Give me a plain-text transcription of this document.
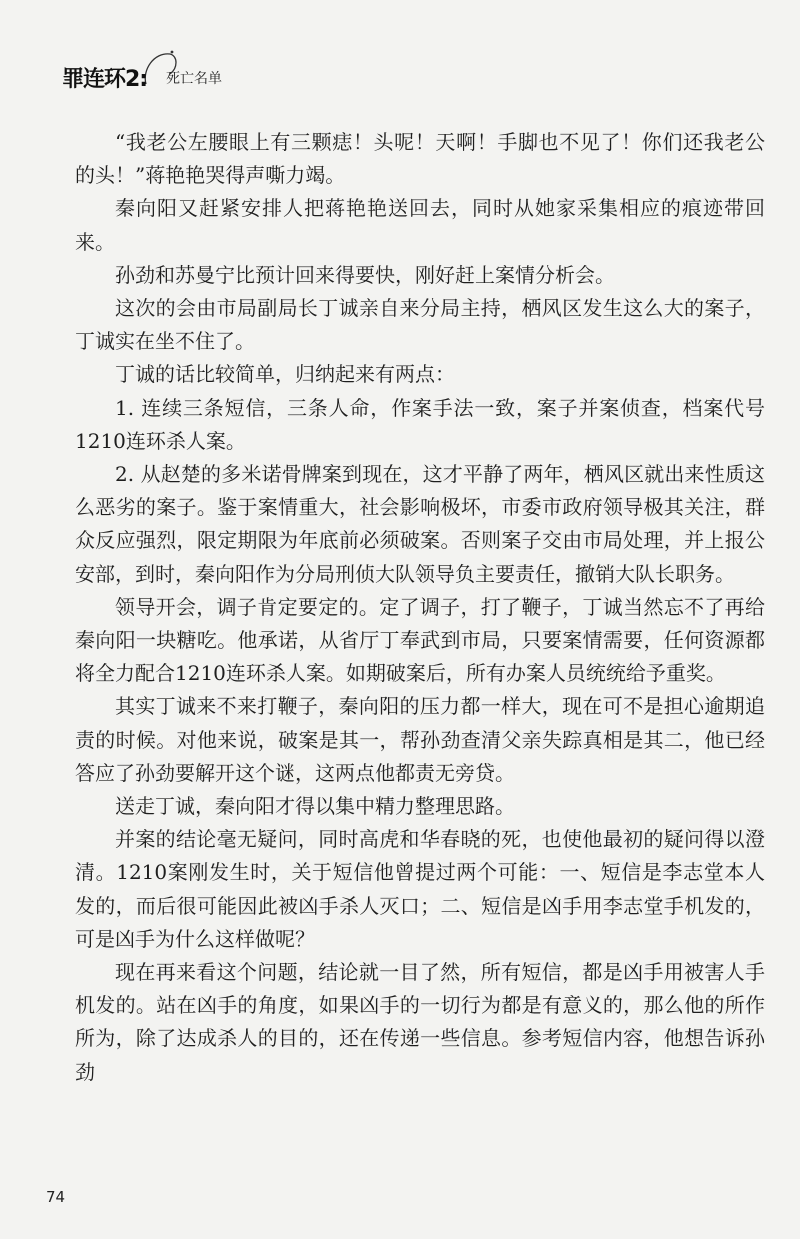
罪连环2: 死亡名单

“我老公左腰眼上有三颗痣！头呢！天啊！手脚也不见了！你们还我老公的头！”蒋艳艳哭得声嘶力竭。

秦向阳又赶紧安排人把蒋艳艳送回去，同时从她家采集相应的痕迹带回来。

孙劲和苏曼宁比预计回来得要快，刚好赶上案情分析会。

这次的会由市局副局长丁诚亲自来分局主持，栖风区发生这么大的案子，丁诚实在坐不住了。

丁诚的话比较简单，归纳起来有两点：

1. 连续三条短信，三条人命，作案手法一致，案子并案侦查，档案代号1210连环杀人案。

2. 从赵楚的多米诺骨牌案到现在，这才平静了两年，栖风区就出来性质这么恶劣的案子。鉴于案情重大，社会影响极坏，市委市政府领导极其关注，群众反应强烈，限定期限为年底前必须破案。否则案子交由市局处理，并上报公安部，到时，秦向阳作为分局刑侦大队领导负主要责任，撤销大队长职务。

领导开会，调子肯定要定的。定了调子，打了鞭子，丁诚当然忘不了再给秦向阳一块糖吃。他承诺，从省厅丁奉武到市局，只要案情需要，任何资源都将全力配合1210连环杀人案。如期破案后，所有办案人员统统给予重奖。

其实丁诚来不来打鞭子，秦向阳的压力都一样大，现在可不是担心逾期追责的时候。对他来说，破案是其一，帮孙劲查清父亲失踪真相是其二，他已经答应了孙劲要解开这个谜，这两点他都责无旁贷。

送走丁诚，秦向阳才得以集中精力整理思路。

并案的结论毫无疑问，同时高虎和华春晓的死，也使他最初的疑问得以澄清。1210案刚发生时，关于短信他曾提过两个可能：一、短信是李志堂本人发的，而后很可能因此被凶手杀人灭口；二、短信是凶手用李志堂手机发的，可是凶手为什么这样做呢？

现在再来看这个问题，结论就一目了然，所有短信，都是凶手用被害人手机发的。站在凶手的角度，如果凶手的一切行为都是有意义的，那么他的所作所为，除了达成杀人的目的，还在传递一些信息。参考短信内容，他想告诉孙劲

74
